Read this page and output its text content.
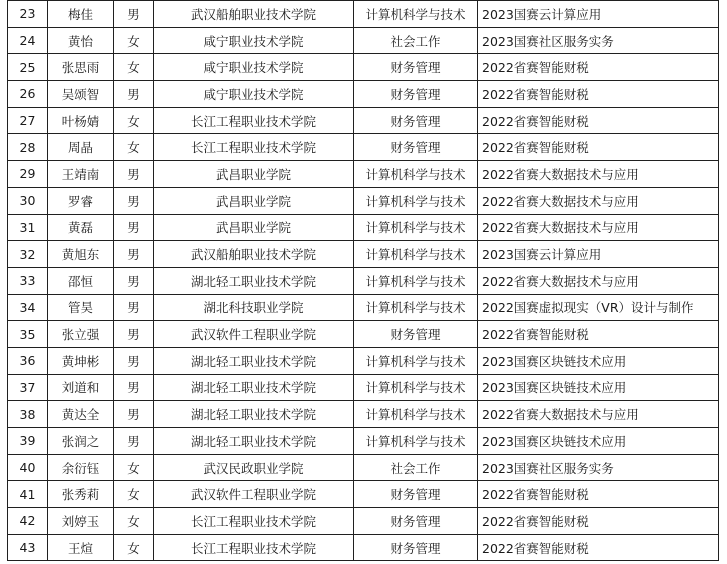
23	梅佳	男	武汉船舶职业技术学院	计算机科学与技术	2023国赛云计算应用
24	黄怡	女	咸宁职业技术学院	社会工作	2023国赛社区服务实务
25	张思雨	女	咸宁职业技术学院	财务管理	2022省赛智能财税
26	吴颂智	男	咸宁职业技术学院	财务管理	2022省赛智能财税
27	叶杨婧	女	长江工程职业技术学院	财务管理	2022省赛智能财税
28	周晶	女	长江工程职业技术学院	财务管理	2022省赛智能财税
29	王靖南	男	武昌职业学院	计算机科学与技术	2022省赛大数据技术与应用
30	罗睿	男	武昌职业学院	计算机科学与技术	2022省赛大数据技术与应用
31	黄磊	男	武昌职业学院	计算机科学与技术	2022省赛大数据技术与应用
32	黄旭东	男	武汉船舶职业技术学院	计算机科学与技术	2023国赛云计算应用
33	邵恒	男	湖北轻工职业技术学院	计算机科学与技术	2022省赛大数据技术与应用
34	管昊	男	湖北科技职业学院	计算机科学与技术	2022国赛虚拟现实（VR）设计与制作
35	张立强	男	武汉软件工程职业学院	财务管理	2022省赛智能财税
36	黄坤彬	男	湖北轻工职业技术学院	计算机科学与技术	2023国赛区块链技术应用
37	刘道和	男	湖北轻工职业技术学院	计算机科学与技术	2023国赛区块链技术应用
38	黄达全	男	湖北轻工职业技术学院	计算机科学与技术	2022省赛大数据技术与应用
39	张润之	男	湖北轻工职业技术学院	计算机科学与技术	2023国赛区块链技术应用
40	余衍钰	女	武汉民政职业学院	社会工作	2023国赛社区服务实务
41	张秀莉	女	武汉软件工程职业学院	财务管理	2022省赛智能财税
42	刘婷玉	女	长江工程职业技术学院	财务管理	2022省赛智能财税
43	王煊	女	长江工程职业技术学院	财务管理	2022省赛智能财税
